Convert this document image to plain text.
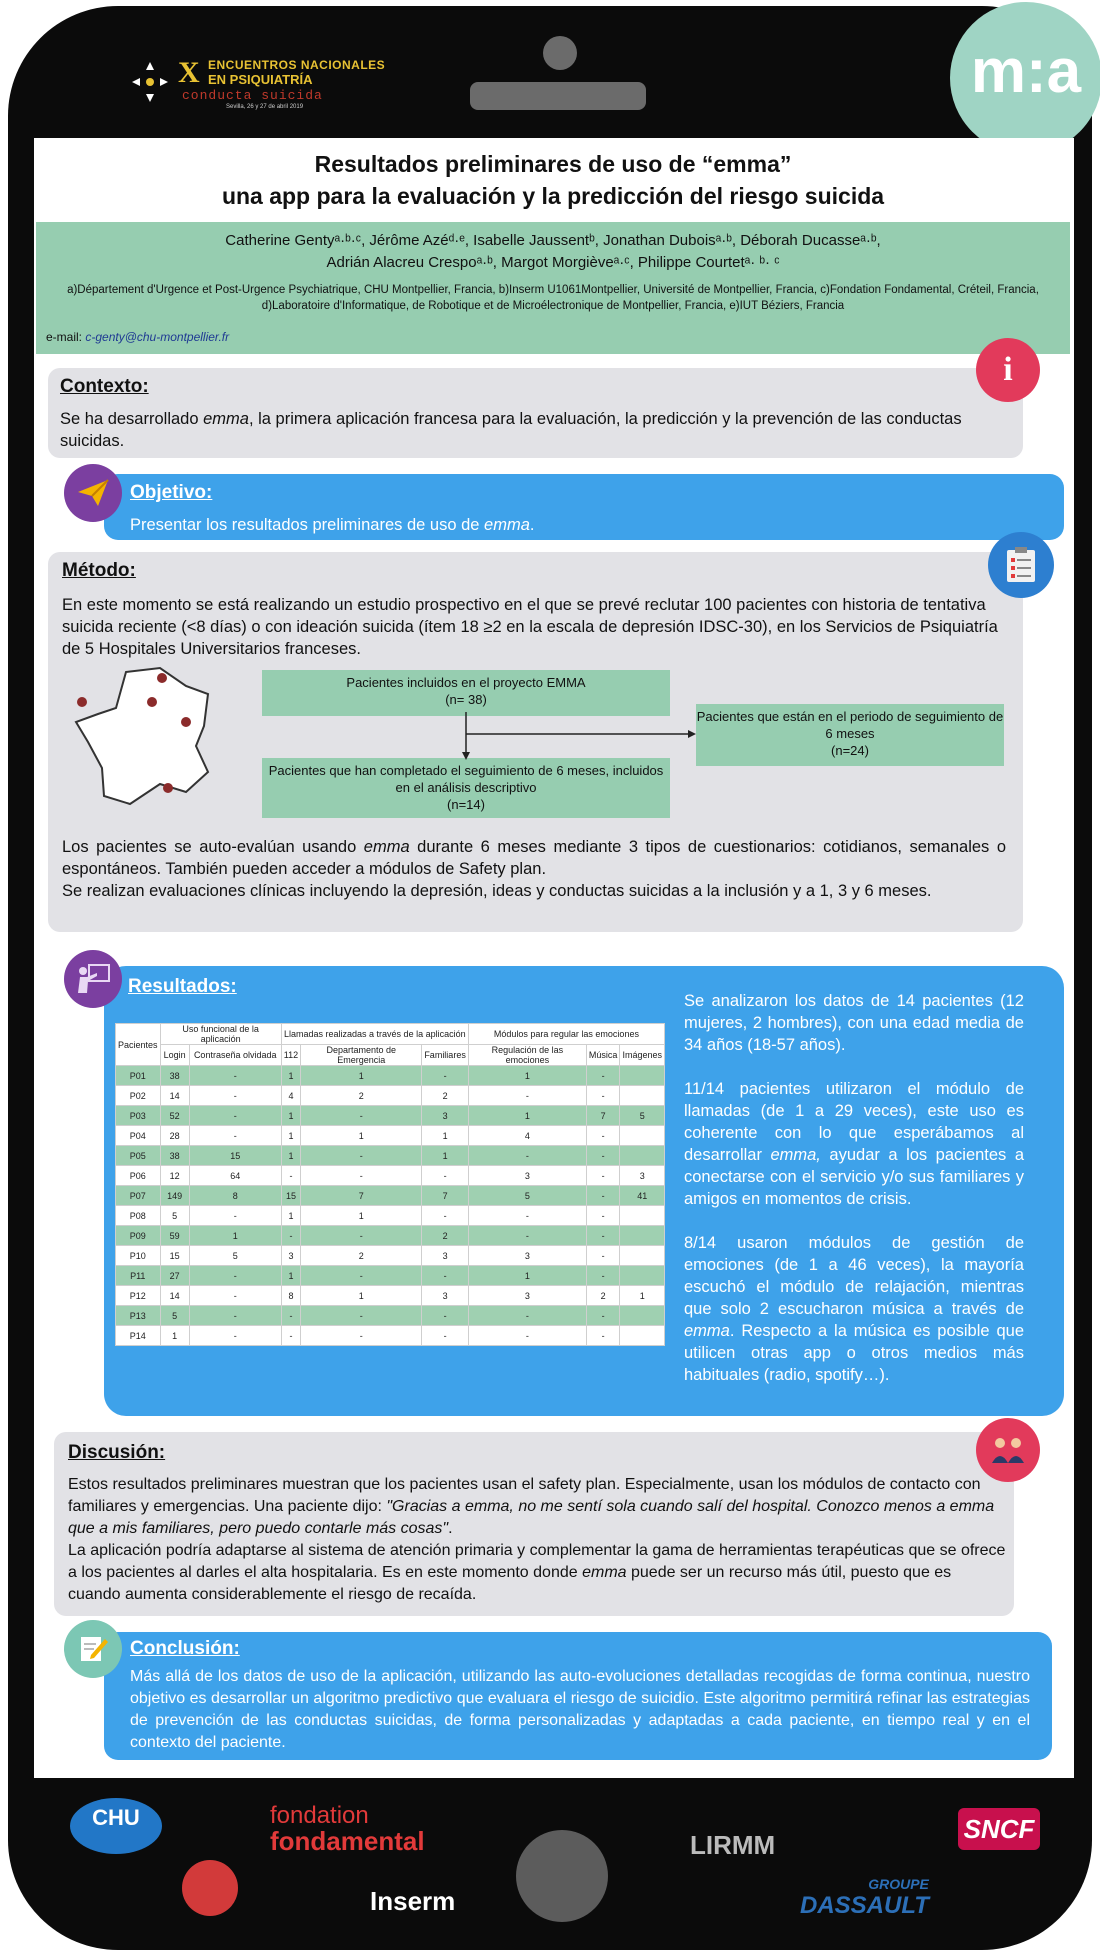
X ENCUENTROS NACIONALES
EN PSIQUIATRÍA
conducta suicida
Sevilla, 26 y 27 de abril 2019
m:a
Resultados preliminares de uso de “emma”
una app para la evaluación y la predicción del riesgo suicida
Catherine Gentyᵃ·ᵇ·ᶜ, Jérôme Azéᵈ·ᵉ, Isabelle Jaussentᵇ, Jonathan Duboisᵃ·ᵇ, Déborah Ducasseᵃ·ᵇ,
Adrián Alacreu Crespoᵃ·ᵇ, Margot Morgièveᵃ·ᶜ, Philippe Courtetᵃ· ᵇ· ᶜ
a)Département d'Urgence et Post-Urgence Psychiatrique, CHU Montpellier, Francia, b)Inserm U1061Montpellier, Université de Montpellier, Francia, c)Fondation Fondamental, Créteil, Francia, d)Laboratoire d'Informatique, de Robotique et de Microélectronique de Montpellier, Francia, e)IUT Béziers, Francia
e-mail: c-genty@chu-montpellier.fr
Contexto:
Se ha desarrollado emma, la primera aplicación francesa para la evaluación, la predicción y la prevención de las conductas suicidas.
i
Objetivo:
Presentar los resultados preliminares de uso de emma.
Método:
En este momento se está realizando un estudio prospectivo en el que se prevé reclutar 100 pacientes con historia de tentativa suicida reciente (<8 días) o con ideación suicida (ítem 18 ≥2 en la escala de depresión IDSC-30), en los Servicios de Psiquiatría de 5 Hospitales Universitarios franceses.
Los pacientes se auto-evalúan usando emma durante 6 meses mediante 3 tipos de cuestionarios: cotidianos, semanales o espontáneos. También pueden acceder a módulos de Safety plan.
Se realizan evaluaciones clínicas incluyendo la depresión, ideas y conductas suicidas a la inclusión y a 1, 3 y 6 meses.
Pacientes incluidos en el proyecto EMMA
(n= 38)
Pacientes que están en el periodo de seguimiento de 6 meses
(n=24)
Pacientes que han completado el seguimiento de 6 meses, incluidos en el análisis descriptivo
(n=14)
Resultados:
Se analizaron los datos de 14 pacientes (12 mujeres, 2 hombres), con una edad media de 34 años (18-57 años).
11/14 pacientes utilizaron el módulo de llamadas (de 1 a 29 veces), este uso es coherente con lo que esperábamos al desarrollar emma, ayudar a los pacientes a conectarse con el servicio y/o sus familiares y amigos en momentos de crisis.
8/14 usaron módulos de gestión de emociones (de 1 a 46 veces), la mayoría escuchó el módulo de relajación, mientras que solo 2 escucharon música a través de emma. Respecto a la música es posible que utilicen otras app o otros medios más habituales (radio, spotify…).
Pacientes	Uso funcional de la aplicación		Llamadas realizadas a través de la aplicación			Módulos para regular las emociones		
	Login	Contraseña olvidada	112	Departamento de Emergencia	Familiares	Regulación de las emociones	Música	Imágenes
P01	38	-	1	1	-	1	-	
P02	14	-	4	2	2	-	-	
P03	52	-	1	-	3	1	7	5
P04	28	-	1	1	1	4	-	
P05	38	15	1	-	1	-	-	
P06	12	64	-	-	-	3	-	3
P07	149	8	15	7	7	5	-	41
P08	5	-	1	1	-	-	-	
P09	59	1	-	-	2	-	-	
P10	15	5	3	2	3	3	-	
P11	27	-	1	-	-	1	-	
P12	14	-	8	1	3	3	2	1
P13	5	-	-	-	-	-	-	
P14	1	-	-	-	-	-	-	
Discusión:
Estos resultados preliminares muestran que los pacientes usan el safety plan. Especialmente, usan los módulos de contacto con familiares y emergencias. Una paciente dijo: "Gracias a emma, no me sentí sola cuando salí del hospital. Conozco menos a emma que a mis familiares, pero puedo contarle más cosas".
La aplicación podría adaptarse al sistema de atención primaria y complementar la gama de herramientas terapéuticas que se ofrece a los pacientes al darles el alta hospitalaria. Es en este momento donde emma puede ser un recurso más útil, puesto que es cuando aumenta considerablemente el riesgo de recaída.
Conclusión:
Más allá de los datos de uso de la aplicación, utilizando las auto-evoluciones detalladas recogidas de forma continua, nuestro objetivo es desarrollar un algoritmo predictivo que evaluara el riesgo de suicidio. Este algoritmo permitirá refinar las estrategias de prevención de las conductas suicidas, de forma personalizadas y adaptadas a cada paciente, en tiempo real y en el contexto del paciente.
CHU	fondation
fondamental
Inserm
LIRMM
SNCF
GROUPE
DASSAULT
